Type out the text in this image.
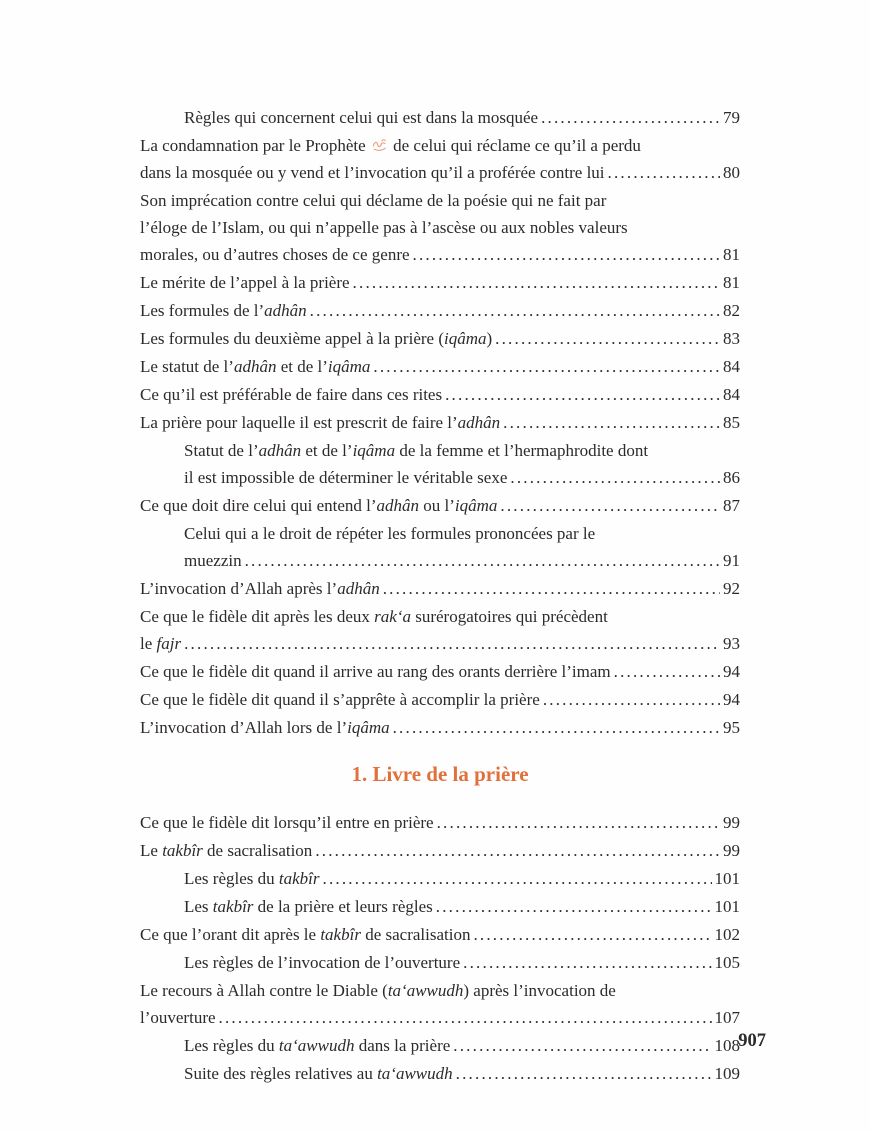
Règles qui concernent celui qui est dans la mosquée .....	79
La condamnation par le Prophète  de celui qui réclame ce qu’il a perdu
dans la mosquée ou y vend et l’invocation qu’il a proférée contre lui .....	80
Son imprécation contre celui qui déclame de la poésie qui ne fait par
l’éloge de l’Islam, ou qui n’appelle pas à l’ascèse ou aux nobles valeurs
morales, ou d’autres choses de ce genre .....	81
Le mérite de l’appel à la prière .....	81
Les formules de l’adhân .....	82
Les formules du deuxième appel à la prière (iqâma) .....	83
Le statut de l’adhân et de l’iqâma .....	84
Ce qu’il est préférable de faire dans ces rites .....	84
La prière pour laquelle il est prescrit de faire l’adhân .....	85
Statut de l’adhân et de l’iqâma de la femme et l’hermaphrodite dont
il est impossible de déterminer le véritable sexe .....	86
Ce que doit dire celui qui entend l’adhân ou l’iqâma .....	87
Celui qui a le droit de répéter les formules prononcées par le
muezzin .....	91
L’invocation d’Allah après l’adhân .....	92
Ce que le fidèle dit après les deux rak‘a surérogatoires qui précèdent
le fajr .....	93
Ce que le fidèle dit quand il arrive au rang des orants derrière l’imam .....	94
Ce que le fidèle dit quand il s’apprête à accomplir la prière .....	94
L’invocation d’Allah lors de l’iqâma .....	95
1. Livre de la prière
Ce que le fidèle dit lorsqu’il entre en prière .....	99
Le takbîr de sacralisation .....	99
Les règles du takbîr .....	101
Les takbîr de la prière et leurs règles .....	101
Ce que l’orant dit après le takbîr de sacralisation .....	102
Les règles de l’invocation de l’ouverture .....	105
Le recours à Allah contre le Diable (ta‘awwudh) après l’invocation de
l’ouverture .....	107
Les règles du ta‘awwudh dans la prière .....	108
Suite des règles relatives au ta‘awwudh .....	109
907
